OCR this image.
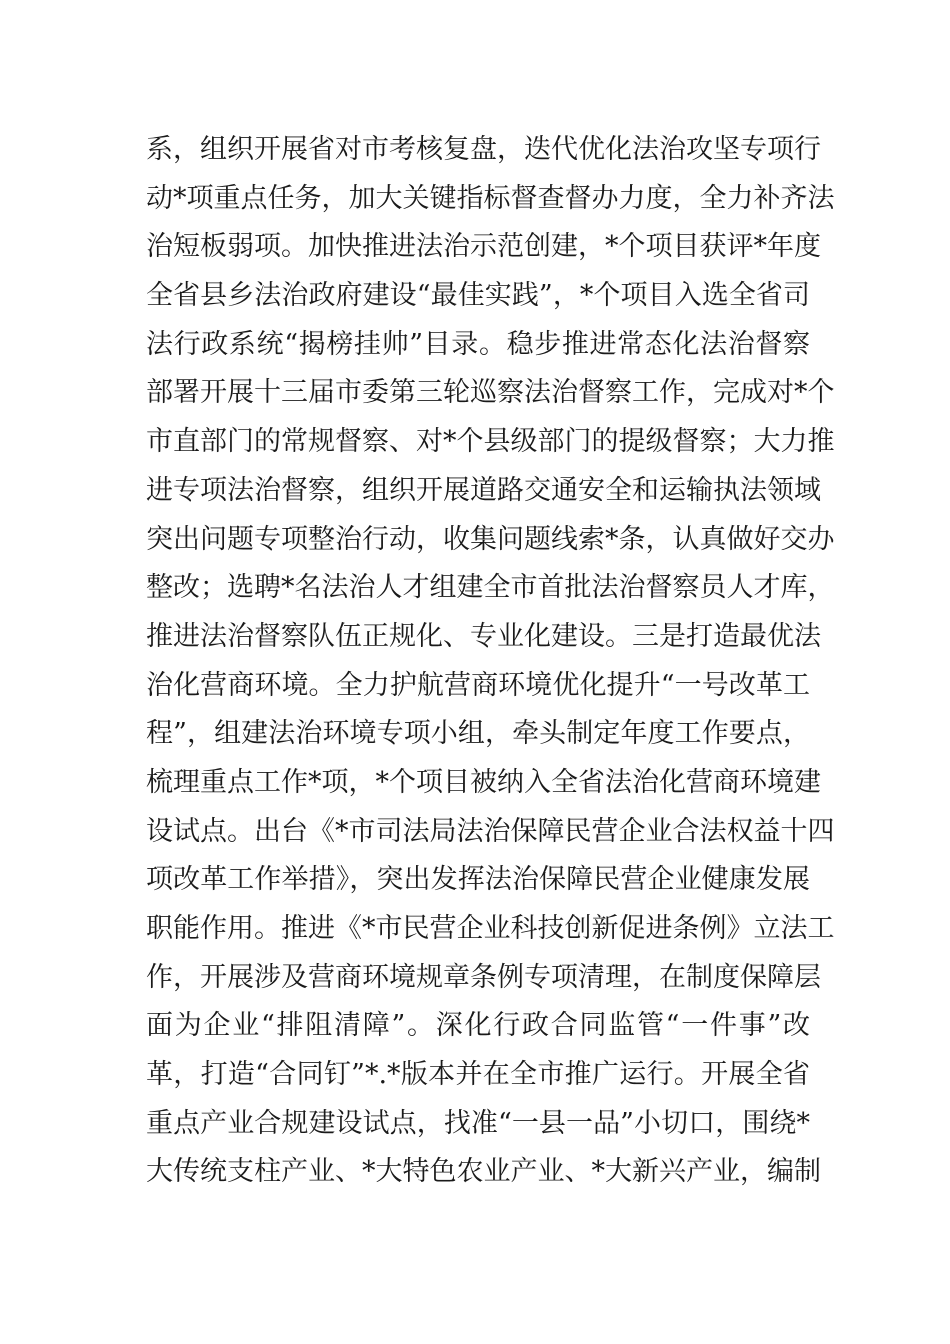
系，组织开展省对市考核复盘，迭代优化法治攻坚专项行
动*项重点任务，加大关键指标督查督办力度，全力补齐法
治短板弱项。加快推进法治示范创建，*个项目获评*年度
全省县乡法治政府建设“最佳实践”，*个项目入选全省司
法行政系统“揭榜挂帅”目录。稳步推进常态化法治督察
部署开展十三届市委第三轮巡察法治督察工作，完成对*个
市直部门的常规督察、对*个县级部门的提级督察；大力推
进专项法治督察，组织开展道路交通安全和运输执法领域
突出问题专项整治行动，收集问题线索*条，认真做好交办
整改；选聘*名法治人才组建全市首批法治督察员人才库，
推进法治督察队伍正规化、专业化建设。三是打造最优法
治化营商环境。全力护航营商环境优化提升“一号改革工
程”，组建法治环境专项小组，牵头制定年度工作要点，
梳理重点工作*项，*个项目被纳入全省法治化营商环境建
设试点。出台《*市司法局法治保障民营企业合法权益十四
项改革工作举措》，突出发挥法治保障民营企业健康发展
职能作用。推进《*市民营企业科技创新促进条例》立法工
作，开展涉及营商环境规章条例专项清理，在制度保障层
面为企业“排阻清障”。深化行政合同监管“一件事”改
革，打造“合同钉”*.*版本并在全市推广运行。开展全省
重点产业合规建设试点，找准“一县一品”小切口，围绕*
大传统支柱产业、*大特色农业产业、*大新兴产业，编制
